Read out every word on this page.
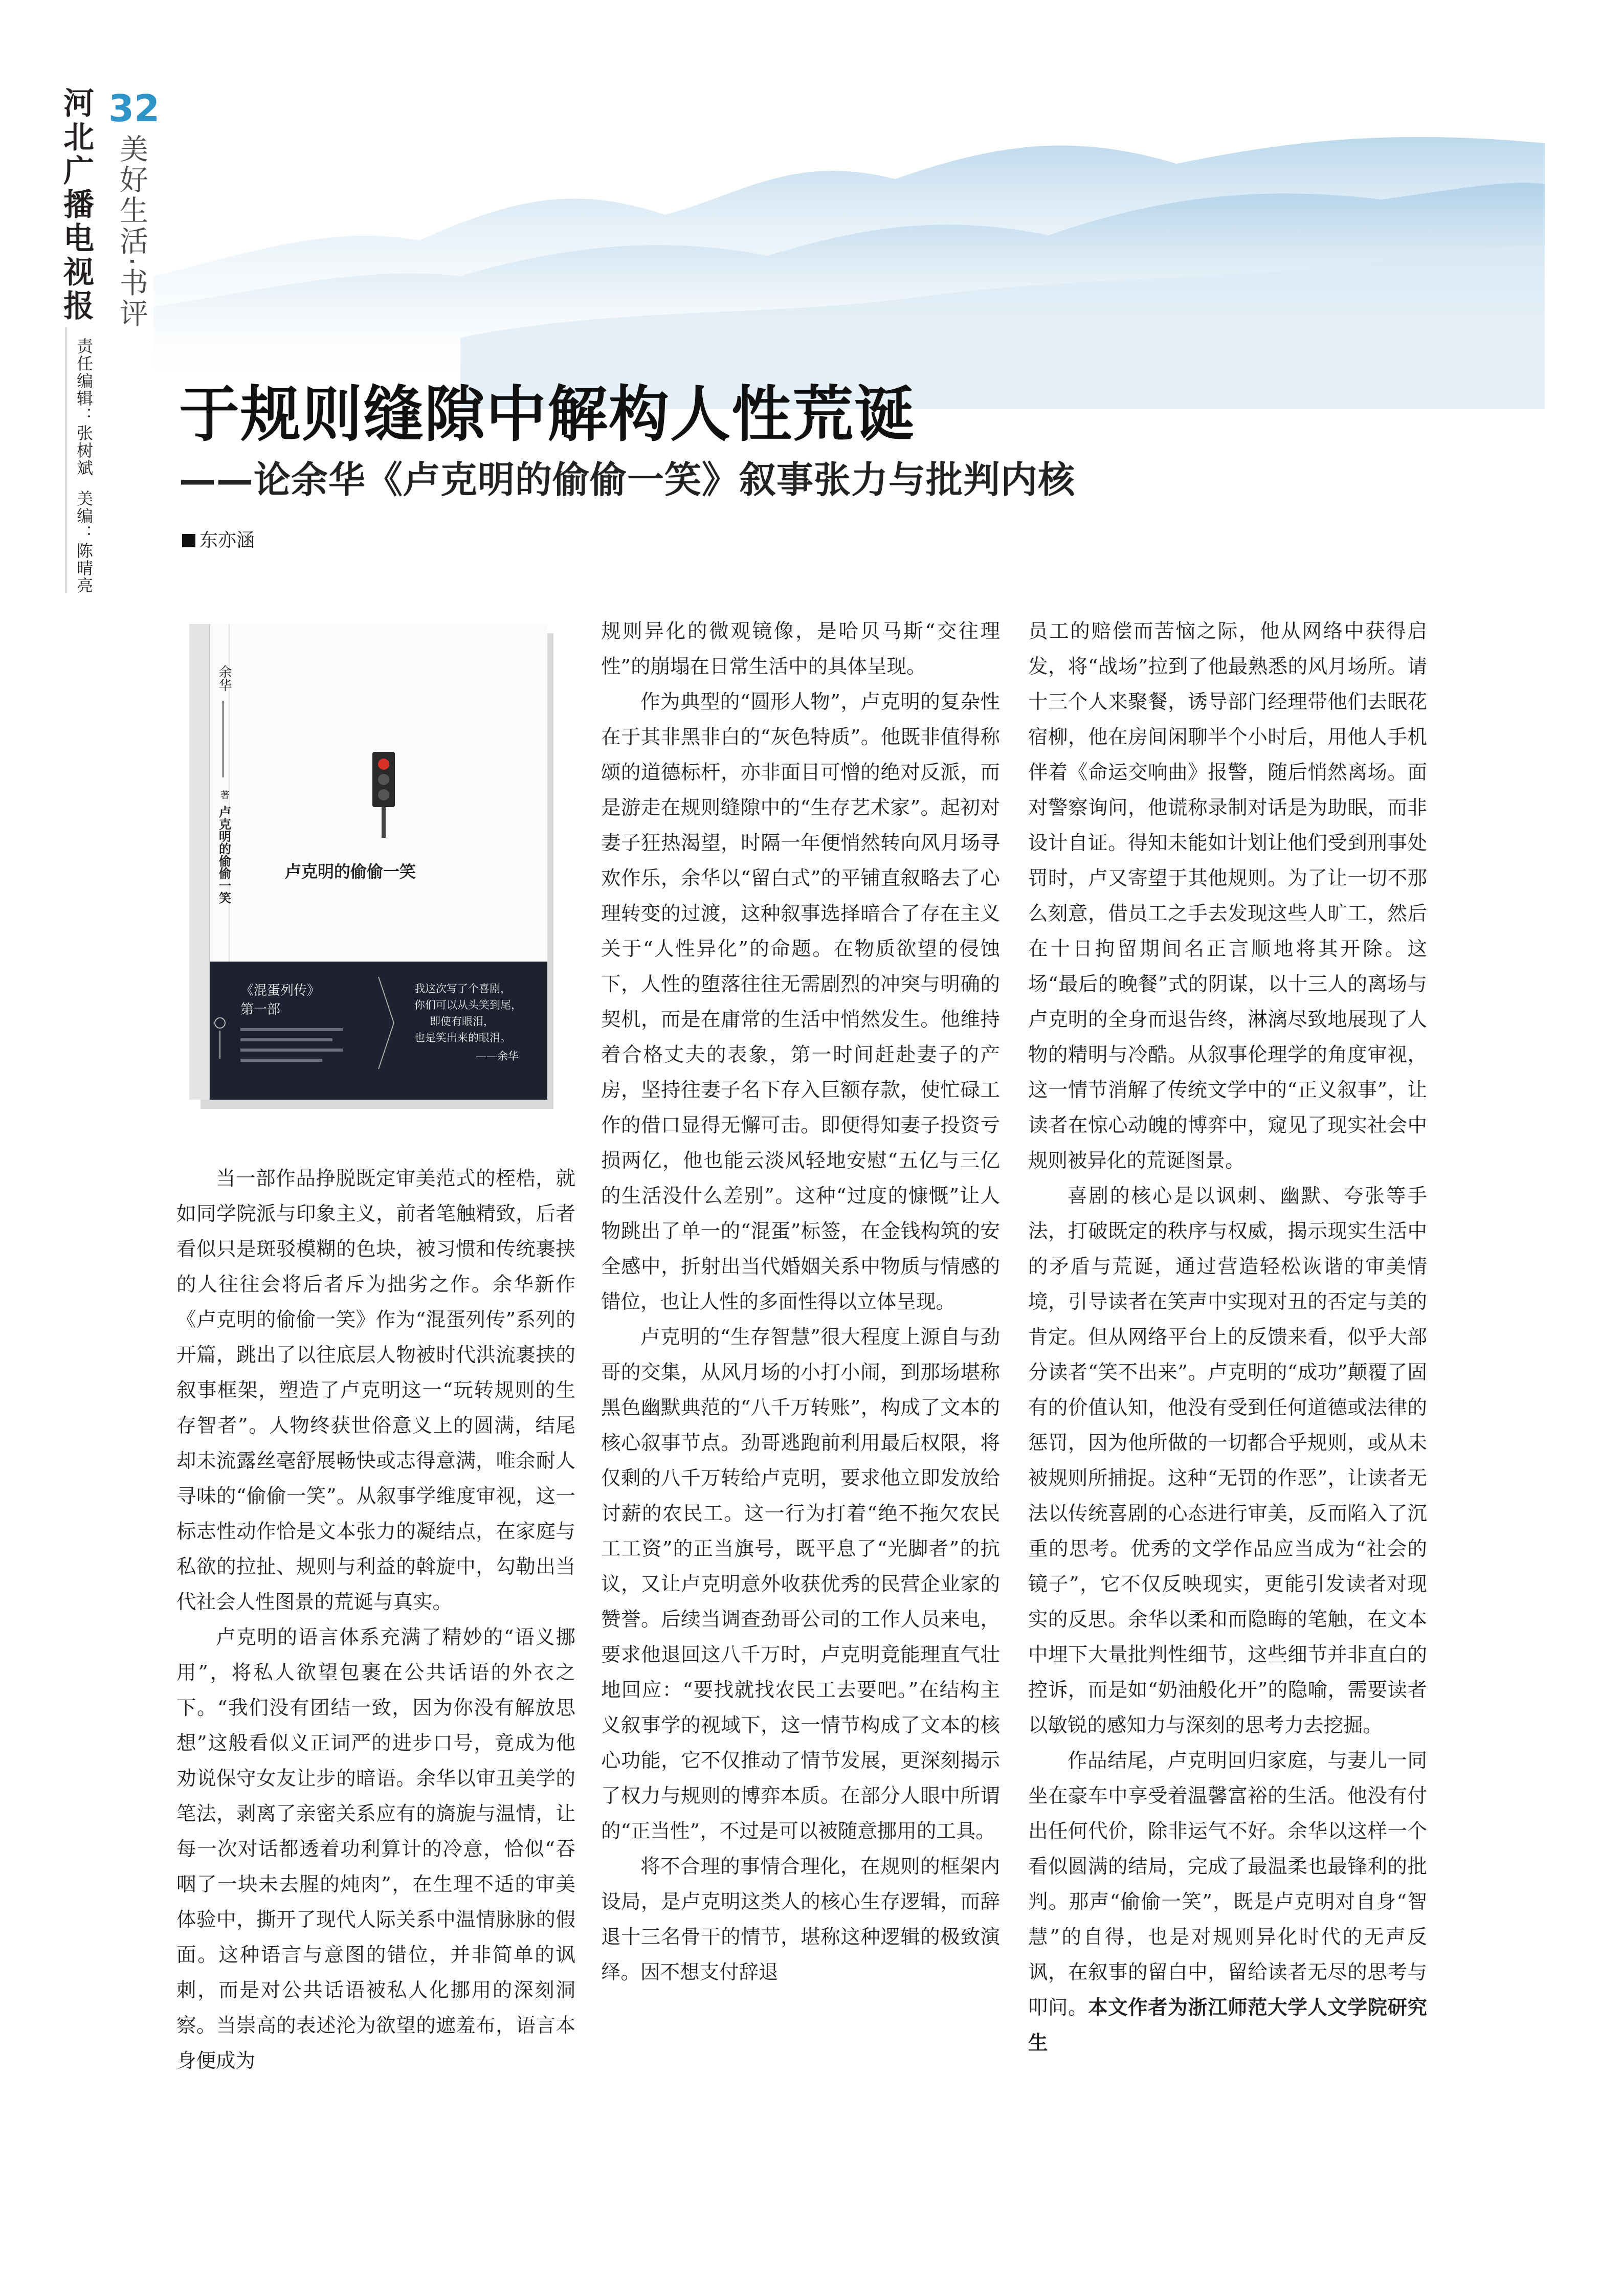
河北广播电视报 32
美好生活·书评
责任编辑：张树斌 美编：陈晴亮
于规则缝隙中解构人性荒诞
——论余华《卢克明的偷偷一笑》叙事张力与批判内核
东亦涵
余华
著
卢克明的偷偷一笑	卢克明的偷偷一笑
《混蛋列传》
第一部
我这次写了个喜剧，
你们可以从头笑到尾，
即使有眼泪，
也是笑出来的眼泪。
——余华

当一部作品挣脱既定审美范式的桎梏，就如同学院派与印象主义，前者笔触精致，后者看似只是斑驳模糊的色块，被习惯和传统裹挟的人往往会将后者斥为拙劣之作。余华新作《卢克明的偷偷一笑》作为“混蛋列传”系列的开篇，跳出了以往底层人物被时代洪流裹挟的叙事框架，塑造了卢克明这一“玩转规则的生存智者”。人物终获世俗意义上的圆满，结尾却未流露丝毫舒展畅快或志得意满，唯余耐人寻味的“偷偷一笑”。从叙事学维度审视，这一标志性动作恰是文本张力的凝结点，在家庭与私欲的拉扯、规则与利益的斡旋中，勾勒出当代社会人性图景的荒诞与真实。

卢克明的语言体系充满了精妙的“语义挪用”，将私人欲望包裹在公共话语的外衣之下。“我们没有团结一致，因为你没有解放思想”这般看似义正词严的进步口号，竟成为他劝说保守女友让步的暗语。余华以审丑美学的笔法，剥离了亲密关系应有的旖旎与温情，让每一次对话都透着功利算计的冷意，恰似“吞咽了一块未去腥的炖肉”，在生理不适的审美体验中，撕开了现代人际关系中温情脉脉的假面。这种语言与意图的错位，并非简单的讽刺，而是对公共话语被私人化挪用的深刻洞察。当崇高的表述沦为欲望的遮羞布，语言本身便成为

规则异化的微观镜像，是哈贝马斯“交往理性”的崩塌在日常生活中的具体呈现。

作为典型的“圆形人物”，卢克明的复杂性在于其非黑非白的“灰色特质”。他既非值得称颂的道德标杆，亦非面目可憎的绝对反派，而是游走在规则缝隙中的“生存艺术家”。起初对妻子狂热渴望，时隔一年便悄然转向风月场寻欢作乐，余华以“留白式”的平铺直叙略去了心理转变的过渡，这种叙事选择暗合了存在主义关于“人性异化”的命题。在物质欲望的侵蚀下，人性的堕落往往无需剧烈的冲突与明确的契机，而是在庸常的生活中悄然发生。他维持着合格丈夫的表象，第一时间赶赴妻子的产房，坚持往妻子名下存入巨额存款，使忙碌工作的借口显得无懈可击。即便得知妻子投资亏损两亿，他也能云淡风轻地安慰“五亿与三亿的生活没什么差别”。这种“过度的慷慨”让人物跳出了单一的“混蛋”标签，在金钱构筑的安全感中，折射出当代婚姻关系中物质与情感的错位，也让人性的多面性得以立体呈现。

卢克明的“生存智慧”很大程度上源自与劲哥的交集，从风月场的小打小闹，到那场堪称黑色幽默典范的“八千万转账”，构成了文本的核心叙事节点。劲哥逃跑前利用最后权限，将仅剩的八千万转给卢克明，要求他立即发放给讨薪的农民工。这一行为打着“绝不拖欠农民工工资”的正当旗号，既平息了“光脚者”的抗议，又让卢克明意外收获优秀的民营企业家的赞誉。后续当调查劲哥公司的工作人员来电，要求他退回这八千万时，卢克明竟能理直气壮地回应：“要找就找农民工去要吧。”在结构主义叙事学的视域下，这一情节构成了文本的核心功能，它不仅推动了情节发展，更深刻揭示了权力与规则的博弈本质。在部分人眼中所谓的“正当性”，不过是可以被随意挪用的工具。

将不合理的事情合理化，在规则的框架内设局，是卢克明这类人的核心生存逻辑，而辞退十三名骨干的情节，堪称这种逻辑的极致演绎。因不想支付辞退

员工的赔偿而苦恼之际，他从网络中获得启发，将“战场”拉到了他最熟悉的风月场所。请十三个人来聚餐，诱导部门经理带他们去眠花宿柳，他在房间闲聊半个小时后，用他人手机伴着《命运交响曲》报警，随后悄然离场。面对警察询问，他谎称录制对话是为助眠，而非设计自证。得知未能如计划让他们受到刑事处罚时，卢又寄望于其他规则。为了让一切不那么刻意，借员工之手去发现这些人旷工，然后在十日拘留期间名正言顺地将其开除。这场“最后的晚餐”式的阴谋，以十三人的离场与卢克明的全身而退告终，淋漓尽致地展现了人物的精明与冷酷。从叙事伦理学的角度审视，这一情节消解了传统文学中的“正义叙事”，让读者在惊心动魄的博弈中，窥见了现实社会中规则被异化的荒诞图景。

喜剧的核心是以讽刺、幽默、夸张等手法，打破既定的秩序与权威，揭示现实生活中的矛盾与荒诞，通过营造轻松诙谐的审美情境，引导读者在笑声中实现对丑的否定与美的肯定。但从网络平台上的反馈来看，似乎大部分读者“笑不出来”。卢克明的“成功”颠覆了固有的价值认知，他没有受到任何道德或法律的惩罚，因为他所做的一切都合乎规则，或从未被规则所捕捉。这种“无罚的作恶”，让读者无法以传统喜剧的心态进行审美，反而陷入了沉重的思考。优秀的文学作品应当成为“社会的镜子”，它不仅反映现实，更能引发读者对现实的反思。余华以柔和而隐晦的笔触，在文本中埋下大量批判性细节，这些细节并非直白的控诉，而是如“奶油般化开”的隐喻，需要读者以敏锐的感知力与深刻的思考力去挖掘。

作品结尾，卢克明回归家庭，与妻儿一同坐在豪车中享受着温馨富裕的生活。他没有付出任何代价，除非运气不好。余华以这样一个看似圆满的结局，完成了最温柔也最锋利的批判。那声“偷偷一笑”，既是卢克明对自身“智慧”的自得，也是对规则异化时代的无声反讽，在叙事的留白中，留给读者无尽的思考与叩问。本文作者为浙江师范大学人文学院研究生
